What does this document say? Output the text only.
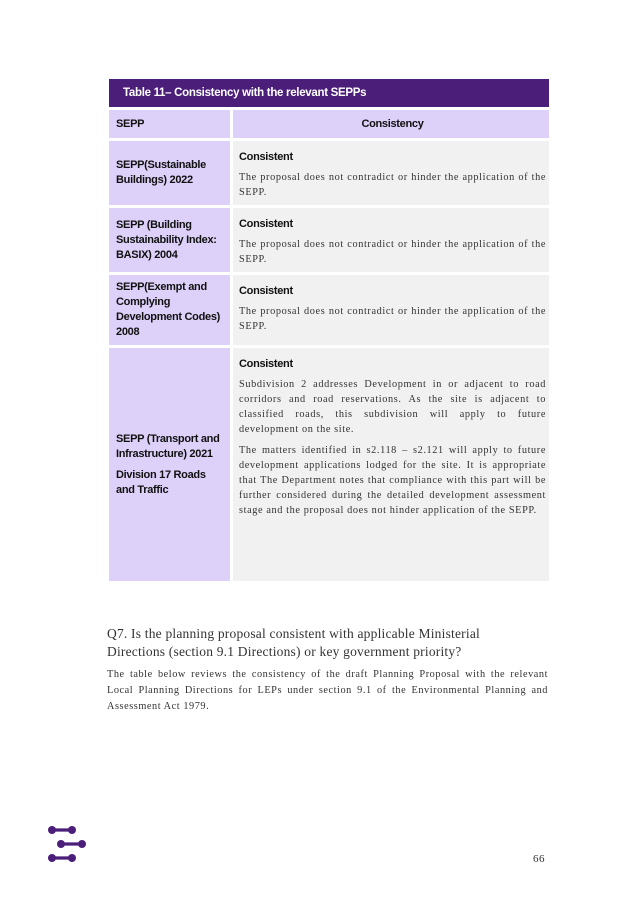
Table 11– Consistency with the relevant SEPPs
SEPP	Consistency

SEPP(Sustainable Buildings) 2022

Consistent
The proposal does not contradict or hinder the application of the SEPP.

SEPP (Building Sustainability Index: BASIX) 2004

Consistent
The proposal does not contradict or hinder the application of the SEPP.

SEPP(Exempt and Complying Development Codes) 2008

Consistent
The proposal does not contradict or hinder the application of the SEPP.

SEPP (Transport and Infrastructure) 2021

Division 17 Roads and Traffic

Consistent
Subdivision 2 addresses Development in or adjacent to road corridors and road reservations. As the site is adjacent to classified roads, this subdivision will apply to future development on the site.
The matters identified in s2.118 – s2.121 will apply to future development applications lodged for the site. It is appropriate that The Department notes that compliance with this part will be further considered during the detailed development assessment stage and the proposal does not hinder application of the SEPP.
Q7. Is the planning proposal consistent with applicable Ministerial Directions (section 9.1 Directions) or key government priority?
The table below reviews the consistency of the draft Planning Proposal with the relevant Local Planning Directions for LEPs under section 9.1 of the Environmental Planning and Assessment Act 1979.
66
